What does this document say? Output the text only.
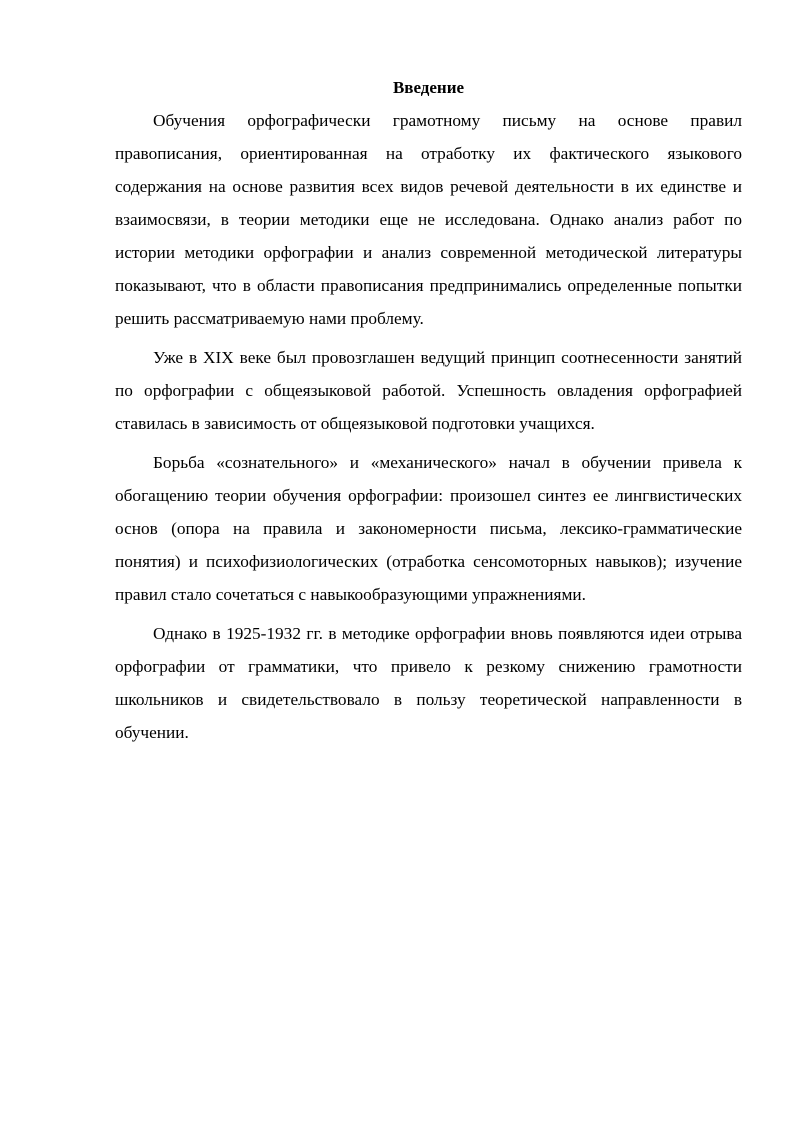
Введение

Обучения орфографически грамотному письму на основе правил правописания, ориентированная на отработку их фактического языкового содержания на основе развития всех видов речевой деятельности в их единстве и взаимосвязи, в теории методики еще не исследована. Однако анализ работ по истории методики орфографии и анализ современной методической литературы показывают, что в области правописания предпринимались определенные попытки решить рассматриваемую нами проблему.

Уже в XIX веке был провозглашен ведущий принцип соотнесенности занятий по орфографии с общеязыковой работой. Успешность овладения орфографией ставилась в зависимость от общеязыковой подготовки учащихся.

Борьба «сознательного» и «механического» начал в обучении привела к обогащению теории обучения орфографии: произошел синтез ее лингвистических основ (опора на правила и закономерности письма, лексико-грамматические понятия) и психофизиологических (отработка сенсомоторных навыков); изучение правил стало сочетаться с навыкообразующими упражнениями.

Однако в 1925-1932 гг. в методике орфографии вновь появляются идеи отрыва орфографии от грамматики, что привело к резкому снижению грамотности школьников и свидетельствовало в пользу теоретической направленности в обучении.
